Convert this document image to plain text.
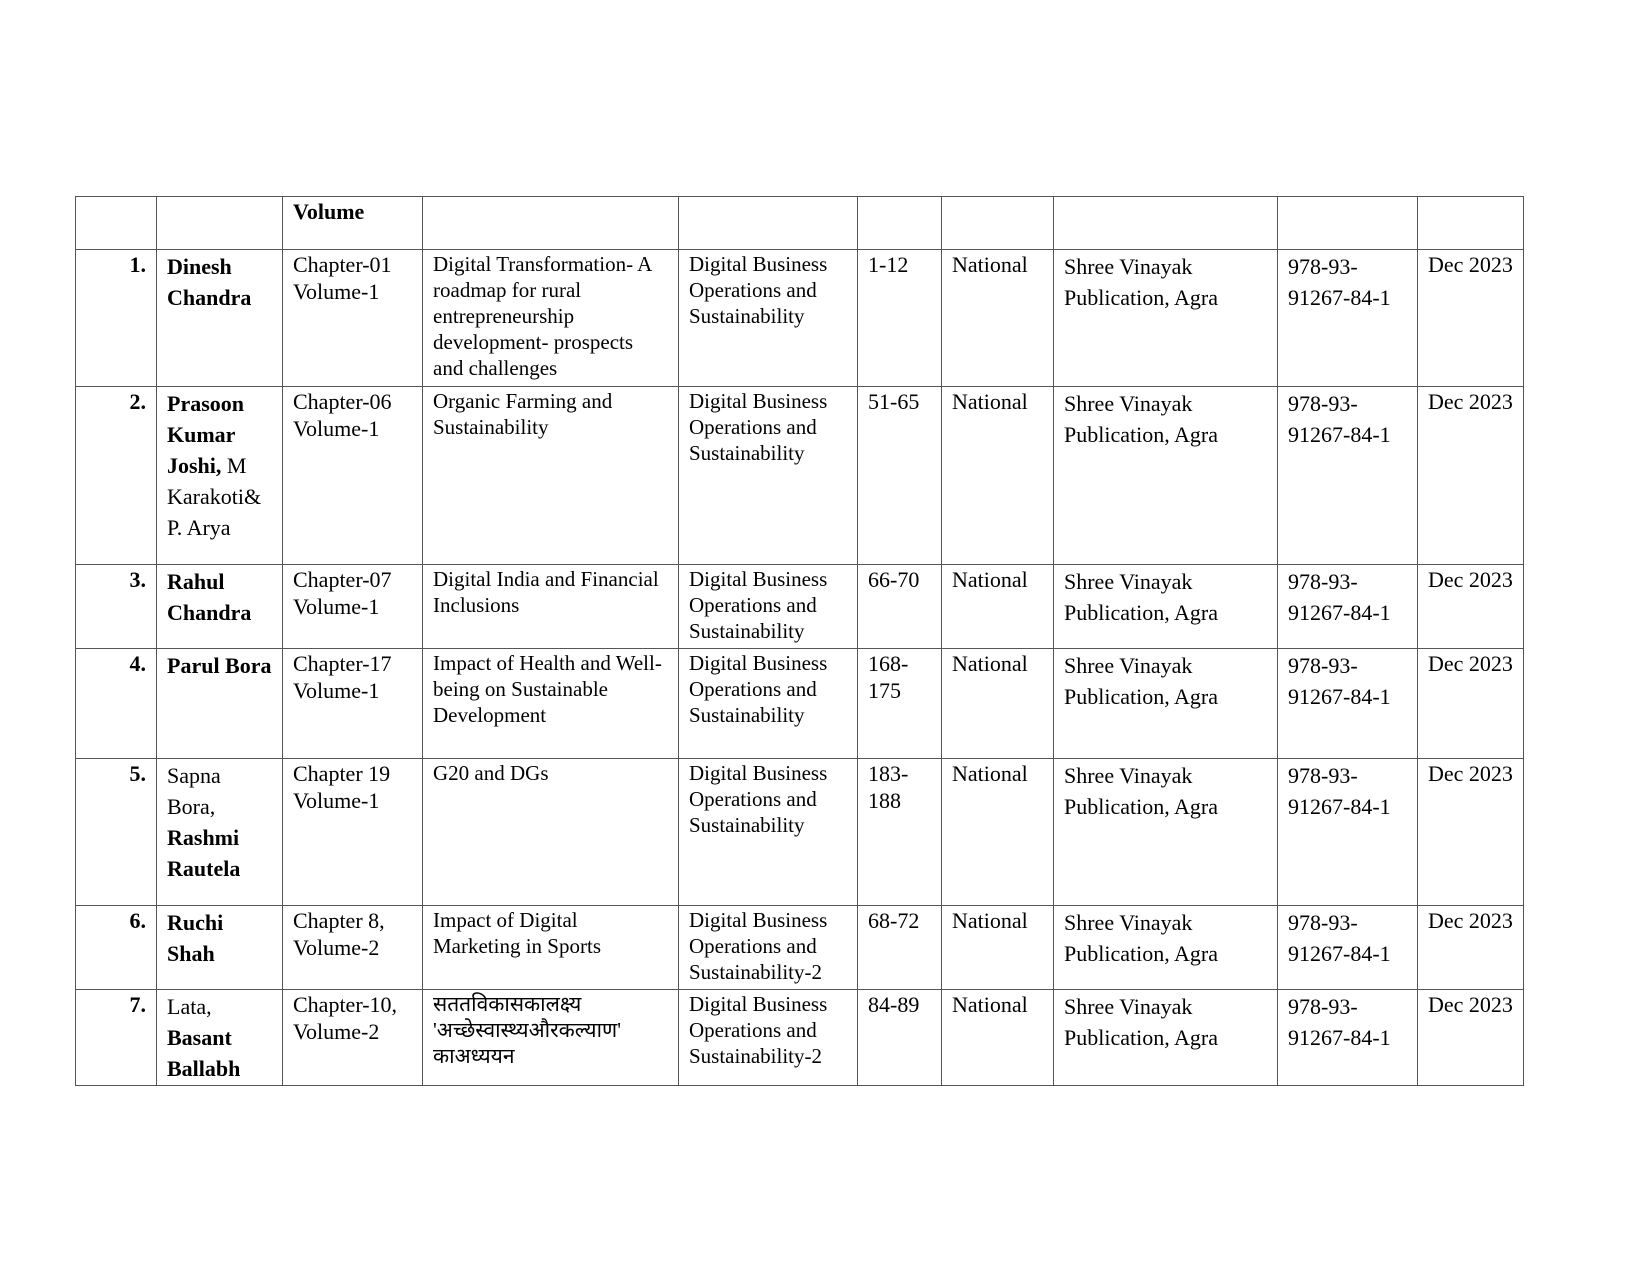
		Volume							
1.	Dinesh Chandra	Chapter-01 Volume-1	Digital Transformation- A roadmap for rural entrepreneurship development- prospects and challenges	Digital Business Operations and Sustainability	1-12	National	Shree Vinayak Publication, Agra	978-93-91267-84-1	Dec 2023
2.	Prasoon Kumar Joshi, M Karakoti& P. Arya	Chapter-06 Volume-1	Organic Farming and Sustainability	Digital Business Operations and Sustainability	51-65	National	Shree Vinayak Publication, Agra	978-93-91267-84-1	Dec 2023
3.	Rahul Chandra	Chapter-07 Volume-1	Digital India and Financial Inclusions	Digital Business Operations and Sustainability	66-70	National	Shree Vinayak Publication, Agra	978-93-91267-84-1	Dec 2023
4.	Parul Bora	Chapter-17 Volume-1	Impact of Health and Well-being on Sustainable Development	Digital Business Operations and Sustainability	168-175	National	Shree Vinayak Publication, Agra	978-93-91267-84-1	Dec 2023
5.	Sapna Bora, Rashmi Rautela	Chapter 19 Volume-1	G20 and DGs	Digital Business Operations and Sustainability	183-188	National	Shree Vinayak Publication, Agra	978-93-91267-84-1	Dec 2023
6.	Ruchi Shah	Chapter 8, Volume-2	Impact of Digital Marketing in Sports	Digital Business Operations and Sustainability-2	68-72	National	Shree Vinayak Publication, Agra	978-93-91267-84-1	Dec 2023
7.	Lata, Basant Ballabh	Chapter-10, Volume-2	सततविकासकालक्ष्य 'अच्छेस्वास्थ्यऔरकल्याण' काअध्ययन	Digital Business Operations and Sustainability-2	84-89	National	Shree Vinayak Publication, Agra	978-93-91267-84-1	Dec 2023
